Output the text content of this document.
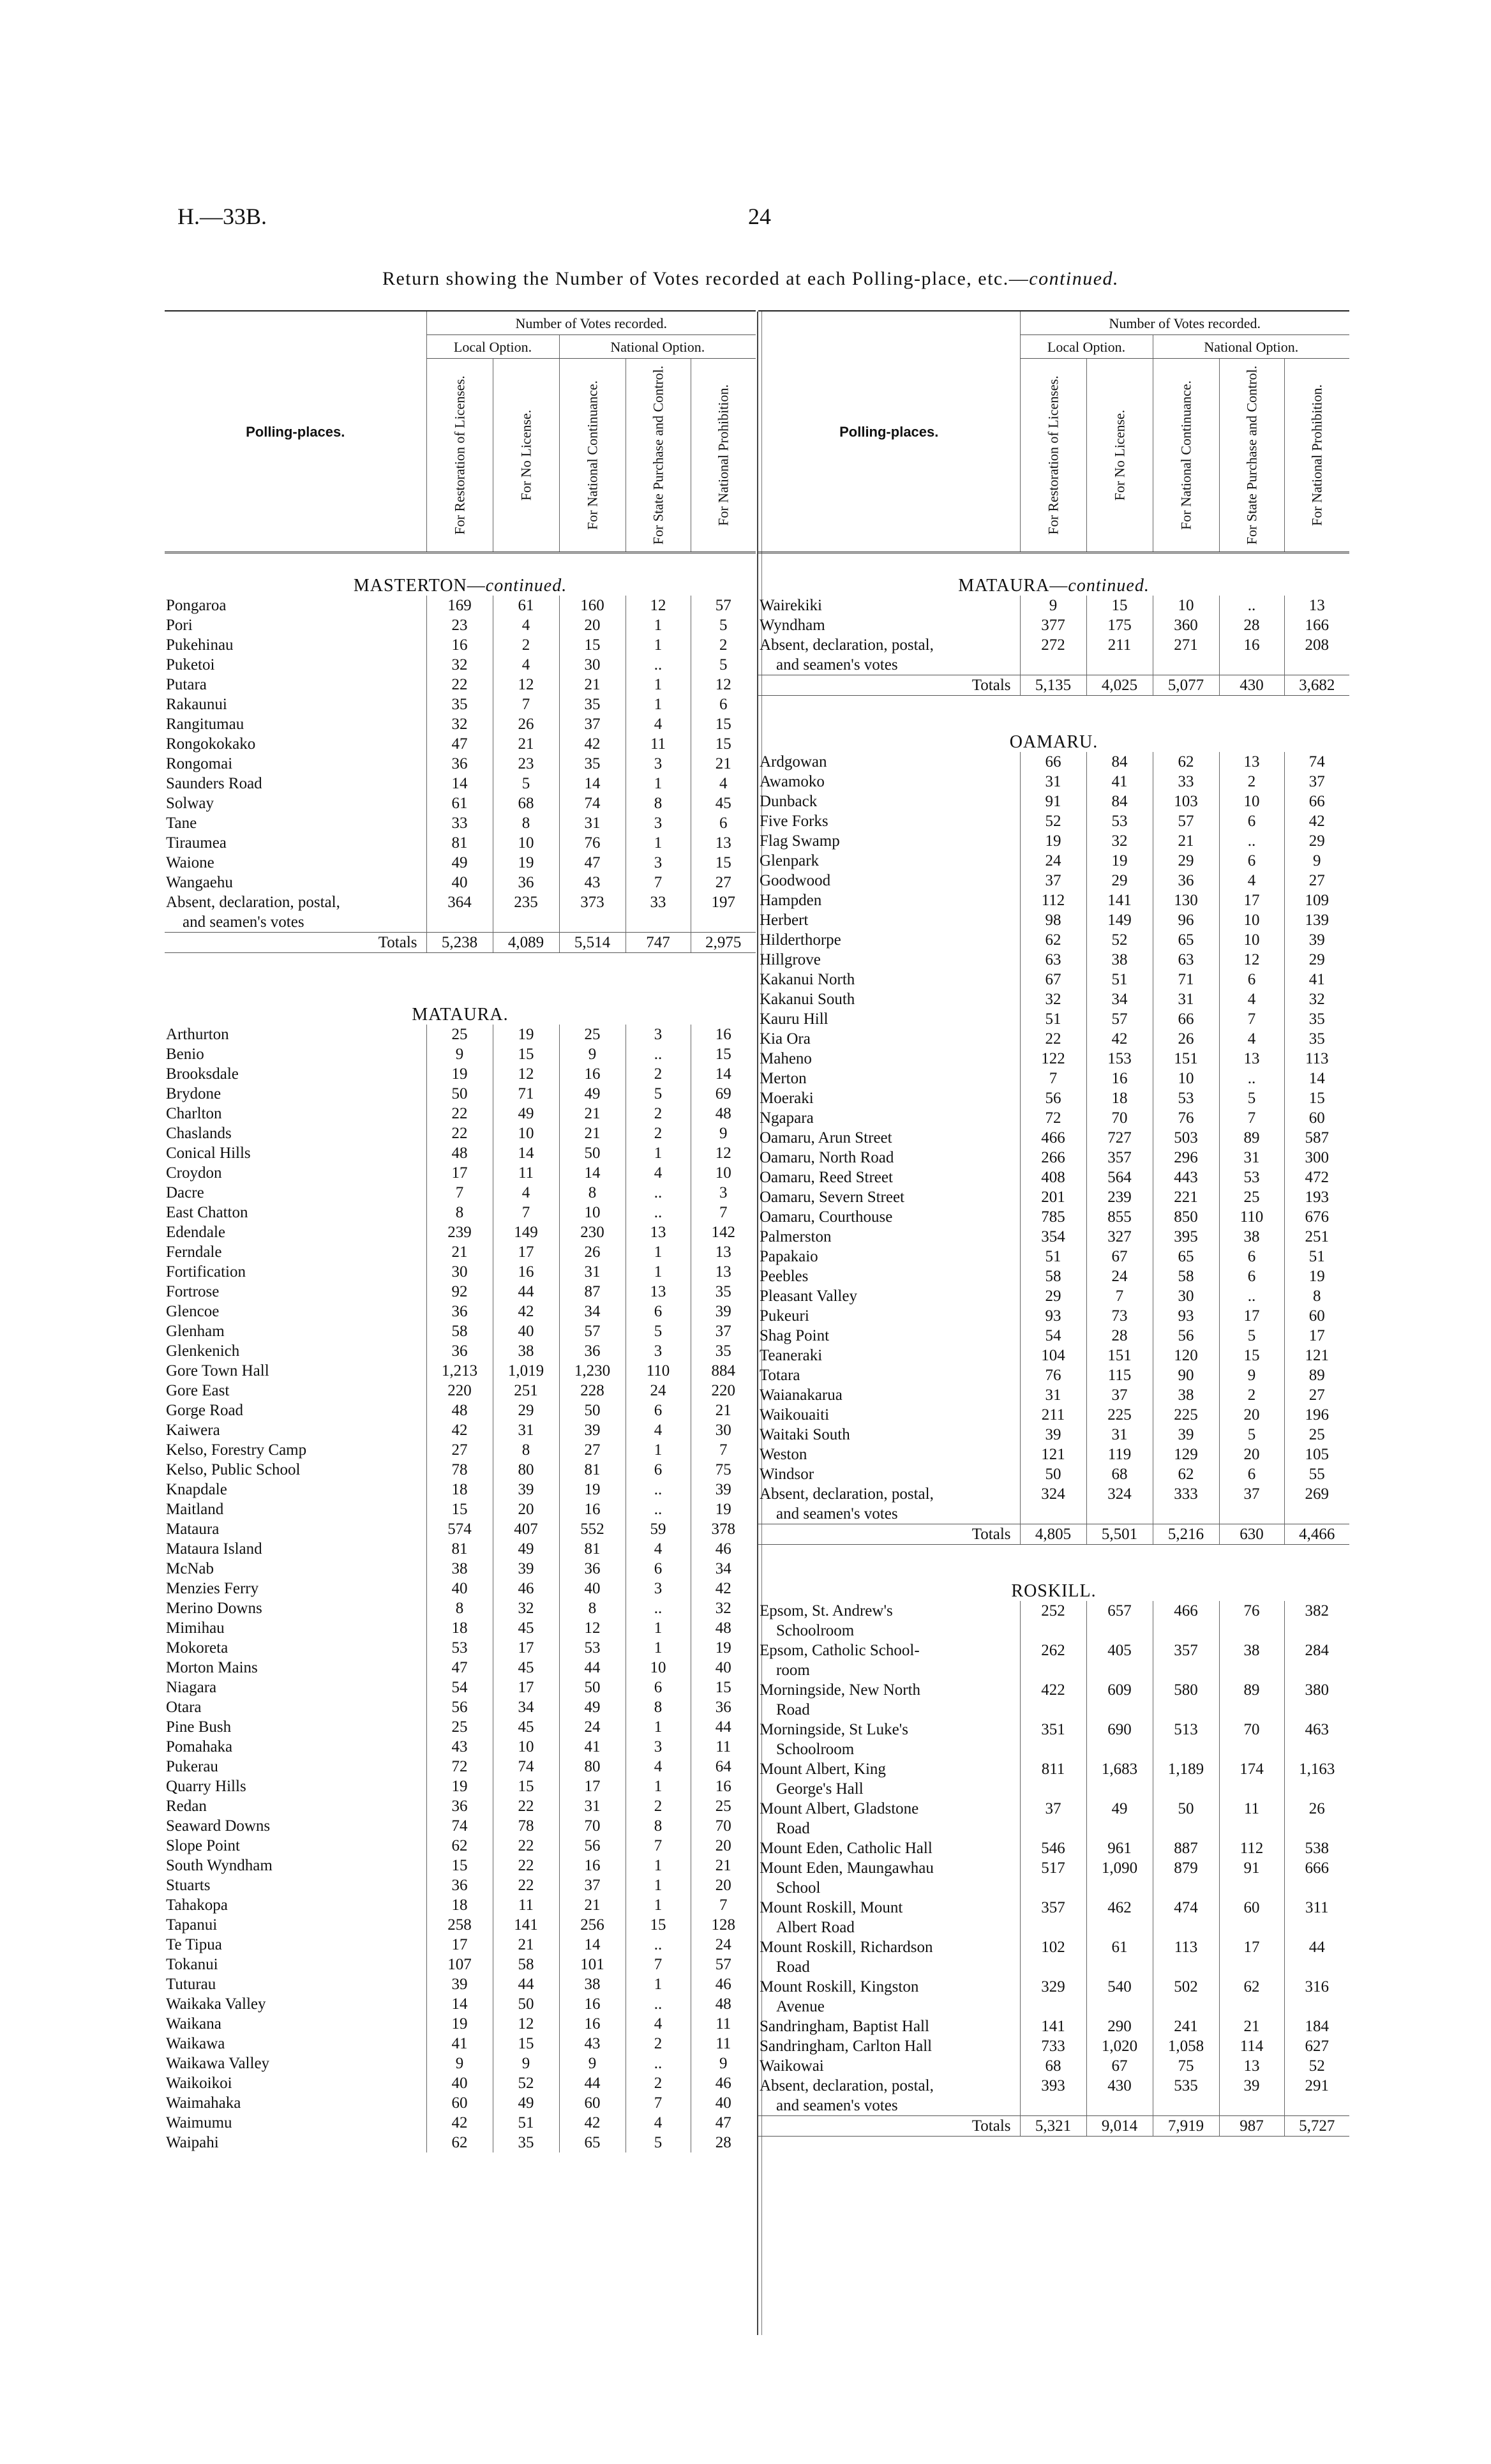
H.—33B.	24
Return showing the Number of Votes recorded at each Polling-place, etc.—continued.
Polling-places.	Number of Votes recorded.				
	Local Option.		National Option.		

	For Restoration of Licenses.	For No License.	For National Continuance.	For State Purchase and Control.	For National Prohibition.

MASTERTON—continued.					
Pongaroa	169	61	160	12	57
Pori	23	4	20	1	5
Pukehinau	16	2	15	1	2
Puketoi	32	4	30	..	5
Putara	22	12	21	1	12
Rakaunui	35	7	35	1	6
Rangitumau	32	26	37	4	15
Rongokokako	47	21	42	11	15
Rongomai	36	23	35	3	21
Saunders Road	14	5	14	1	4
Solway	61	68	74	8	45
Tane	33	8	31	3	6
Tiraumea	81	10	76	1	13
Waione	49	19	47	3	15
Wangaehu	40	36	43	7	27

Absent, declaration, postal,
and seamen's votes	364	235	373	33	197
Totals	5,238	4,089	5,514	747	2,975

MATAURA.					
Arthurton	25	19	25	3	16
Benio	9	15	9	..	15
Brooksdale	19	12	16	2	14
Brydone	50	71	49	5	69
Charlton	22	49	21	2	48
Chaslands	22	10	21	2	9
Conical Hills	48	14	50	1	12
Croydon	17	11	14	4	10
Dacre	7	4	8	..	3
East Chatton	8	7	10	..	7
Edendale	239	149	230	13	142
Ferndale	21	17	26	1	13
Fortification	30	16	31	1	13
Fortrose	92	44	87	13	35
Glencoe	36	42	34	6	39
Glenham	58	40	57	5	37
Glenkenich	36	38	36	3	35
Gore Town Hall	1,213	1,019	1,230	110	884
Gore East	220	251	228	24	220
Gorge Road	48	29	50	6	21
Kaiwera	42	31	39	4	30
Kelso, Forestry Camp	27	8	27	1	7
Kelso, Public School	78	80	81	6	75
Knapdale	18	39	19	..	39
Maitland	15	20	16	..	19
Mataura	574	407	552	59	378
Mataura Island	81	49	81	4	46
McNab	38	39	36	6	34
Menzies Ferry	40	46	40	3	42
Merino Downs	8	32	8	..	32
Mimihau	18	45	12	1	48
Mokoreta	53	17	53	1	19
Morton Mains	47	45	44	10	40
Niagara	54	17	50	6	15
Otara	56	34	49	8	36
Pine Bush	25	45	24	1	44
Pomahaka	43	10	41	3	11
Pukerau	72	74	80	4	64
Quarry Hills	19	15	17	1	16
Redan	36	22	31	2	25
Seaward Downs	74	78	70	8	70
Slope Point	62	22	56	7	20
South Wyndham	15	22	16	1	21
Stuarts	36	22	37	1	20
Tahakopa	18	11	21	1	7
Tapanui	258	141	256	15	128
Te Tipua	17	21	14	..	24
Tokanui	107	58	101	7	57
Tuturau	39	44	38	1	46
Waikaka Valley	14	50	16	..	48
Waikana	19	12	16	4	11
Waikawa	41	15	43	2	11
Waikawa Valley	9	9	9	..	9
Waikoikoi	40	52	44	2	46
Waimahaka	60	49	60	7	40
Waimumu	42	51	42	4	47
Waipahi	62	35	65	5	28
Polling-places.	Number of Votes recorded.				
	Local Option.		National Option.		

	For Restoration of Licenses.	For No License.	For National Continuance.	For State Purchase and Control.	For National Prohibition.

MATAURA—continued.					
Wairekiki	9	15	10	..	13
Wyndham	377	175	360	28	166

Absent, declaration, postal,
and seamen's votes	272	211	271	16	208
Totals	5,135	4,025	5,077	430	3,682

OAMARU.					
Ardgowan	66	84	62	13	74
Awamoko	31	41	33	2	37
Dunback	91	84	103	10	66
Five Forks	52	53	57	6	42
Flag Swamp	19	32	21	..	29
Glenpark	24	19	29	6	9
Goodwood	37	29	36	4	27
Hampden	112	141	130	17	109
Herbert	98	149	96	10	139
Hilderthorpe	62	52	65	10	39
Hillgrove	63	38	63	12	29
Kakanui North	67	51	71	6	41
Kakanui South	32	34	31	4	32
Kauru Hill	51	57	66	7	35
Kia Ora	22	42	26	4	35
Maheno	122	153	151	13	113
Merton	7	16	10	..	14
Moeraki	56	18	53	5	15
Ngapara	72	70	76	7	60
Oamaru, Arun Street	466	727	503	89	587
Oamaru, North Road	266	357	296	31	300
Oamaru, Reed Street	408	564	443	53	472
Oamaru, Severn Street	201	239	221	25	193
Oamaru, Courthouse	785	855	850	110	676
Palmerston	354	327	395	38	251
Papakaio	51	67	65	6	51
Peebles	58	24	58	6	19
Pleasant Valley	29	7	30	..	8
Pukeuri	93	73	93	17	60
Shag Point	54	28	56	5	17
Teaneraki	104	151	120	15	121
Totara	76	115	90	9	89
Waianakarua	31	37	38	2	27
Waikouaiti	211	225	225	20	196
Waitaki South	39	31	39	5	25
Weston	121	119	129	20	105
Windsor	50	68	62	6	55

Absent, declaration, postal,
and seamen's votes	324	324	333	37	269
Totals	4,805	5,501	5,216	630	4,466

ROSKILL.					

Epsom, St. Andrew's
Schoolroom	252	657	466	76	382

Epsom, Catholic School-
room	262	405	357	38	284

Morningside, New North
Road	422	609	580	89	380

Morningside, St Luke's
Schoolroom	351	690	513	70	463

Mount Albert, King
George's Hall	811	1,683	1,189	174	1,163

Mount Albert, Gladstone
Road	37	49	50	11	26

Mount Eden, Catholic Hall	546	961	887	112	538

Mount Eden, Maungawhau
School	517	1,090	879	91	666

Mount Roskill, Mount
Albert Road	357	462	474	60	311

Mount Roskill, Richardson
Road	102	61	113	17	44

Mount Roskill, Kingston
Avenue	329	540	502	62	316

Sandringham, Baptist Hall	141	290	241	21	184

Sandringham, Carlton Hall	733	1,020	1,058	114	627

Waikowai	68	67	75	13	52

Absent, declaration, postal,
and seamen's votes	393	430	535	39	291
Totals	5,321	9,014	7,919	987	5,727
